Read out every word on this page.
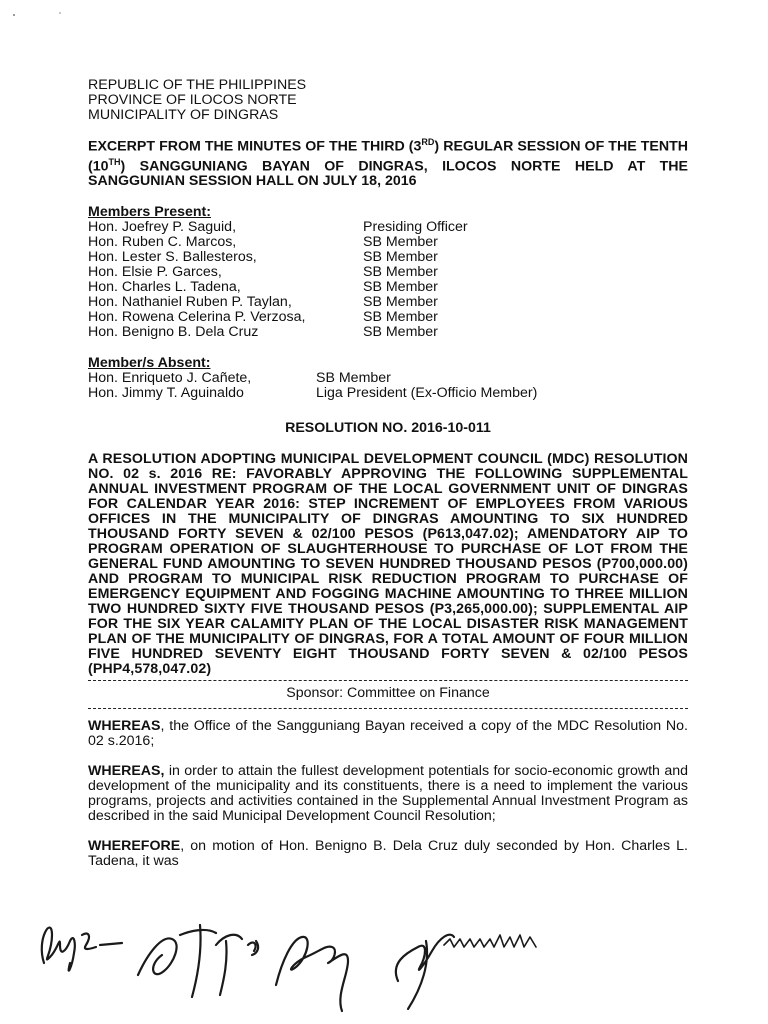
REPUBLIC OF THE PHILIPPINES
PROVINCE OF ILOCOS NORTE
MUNICIPALITY OF DINGRAS
EXCERPT FROM THE MINUTES OF THE THIRD (3RD) REGULAR SESSION OF THE TENTH (10TH) SANGGUNIANG BAYAN OF DINGRAS, ILOCOS NORTE HELD AT THE SANGGUNIAN SESSION HALL ON JULY 18, 2016
Members Present:
Hon. Joefrey P. Saguid,	Presiding Officer
Hon. Ruben C. Marcos,	SB Member
Hon. Lester S. Ballesteros,	SB Member
Hon. Elsie P. Garces,	SB Member
Hon. Charles L. Tadena,	SB Member
Hon. Nathaniel Ruben P. Taylan,	SB Member
Hon. Rowena Celerina P. Verzosa,	SB Member
Hon. Benigno B. Dela Cruz	SB Member
Member/s Absent:
Hon. Enriqueto J. Cañete,	SB Member
Hon. Jimmy T. Aguinaldo	Liga President (Ex-Officio Member)
RESOLUTION NO. 2016-10-011
A RESOLUTION ADOPTING MUNICIPAL DEVELOPMENT COUNCIL (MDC) RESOLUTION NO. 02 s. 2016 RE: FAVORABLY APPROVING THE FOLLOWING SUPPLEMENTAL ANNUAL INVESTMENT PROGRAM OF THE LOCAL GOVERNMENT UNIT OF DINGRAS FOR CALENDAR YEAR 2016: STEP INCREMENT OF EMPLOYEES FROM VARIOUS OFFICES IN THE MUNICIPALITY OF DINGRAS AMOUNTING TO SIX HUNDRED THOUSAND FORTY SEVEN & 02/100 PESOS (P613,047.02); AMENDATORY AIP TO PROGRAM OPERATION OF SLAUGHTERHOUSE TO PURCHASE OF LOT FROM THE GENERAL FUND AMOUNTING TO SEVEN HUNDRED THOUSAND PESOS (P700,000.00) AND PROGRAM TO MUNICIPAL RISK REDUCTION PROGRAM TO PURCHASE OF EMERGENCY EQUIPMENT AND FOGGING MACHINE AMOUNTING TO THREE MILLION TWO HUNDRED SIXTY FIVE THOUSAND PESOS (P3,265,000.00); SUPPLEMENTAL AIP FOR THE SIX YEAR CALAMITY PLAN OF THE LOCAL DISASTER RISK MANAGEMENT PLAN OF THE MUNICIPALITY OF DINGRAS, FOR A TOTAL AMOUNT OF FOUR MILLION FIVE HUNDRED SEVENTY EIGHT THOUSAND FORTY SEVEN & 02/100 PESOS (PHP4,578,047.02)
Sponsor: Committee on Finance
WHEREAS, the Office of the Sangguniang Bayan received a copy of the MDC Resolution No. 02 s.2016;
WHEREAS, in order to attain the fullest development potentials for socio-economic growth and development of the municipality and its constituents, there is a need to implement the various programs, projects and activities contained in the Supplemental Annual Investment Program as described in the said Municipal Development Council Resolution;
WHEREFORE, on motion of Hon. Benigno B. Dela Cruz duly seconded by Hon. Charles L. Tadena, it was
